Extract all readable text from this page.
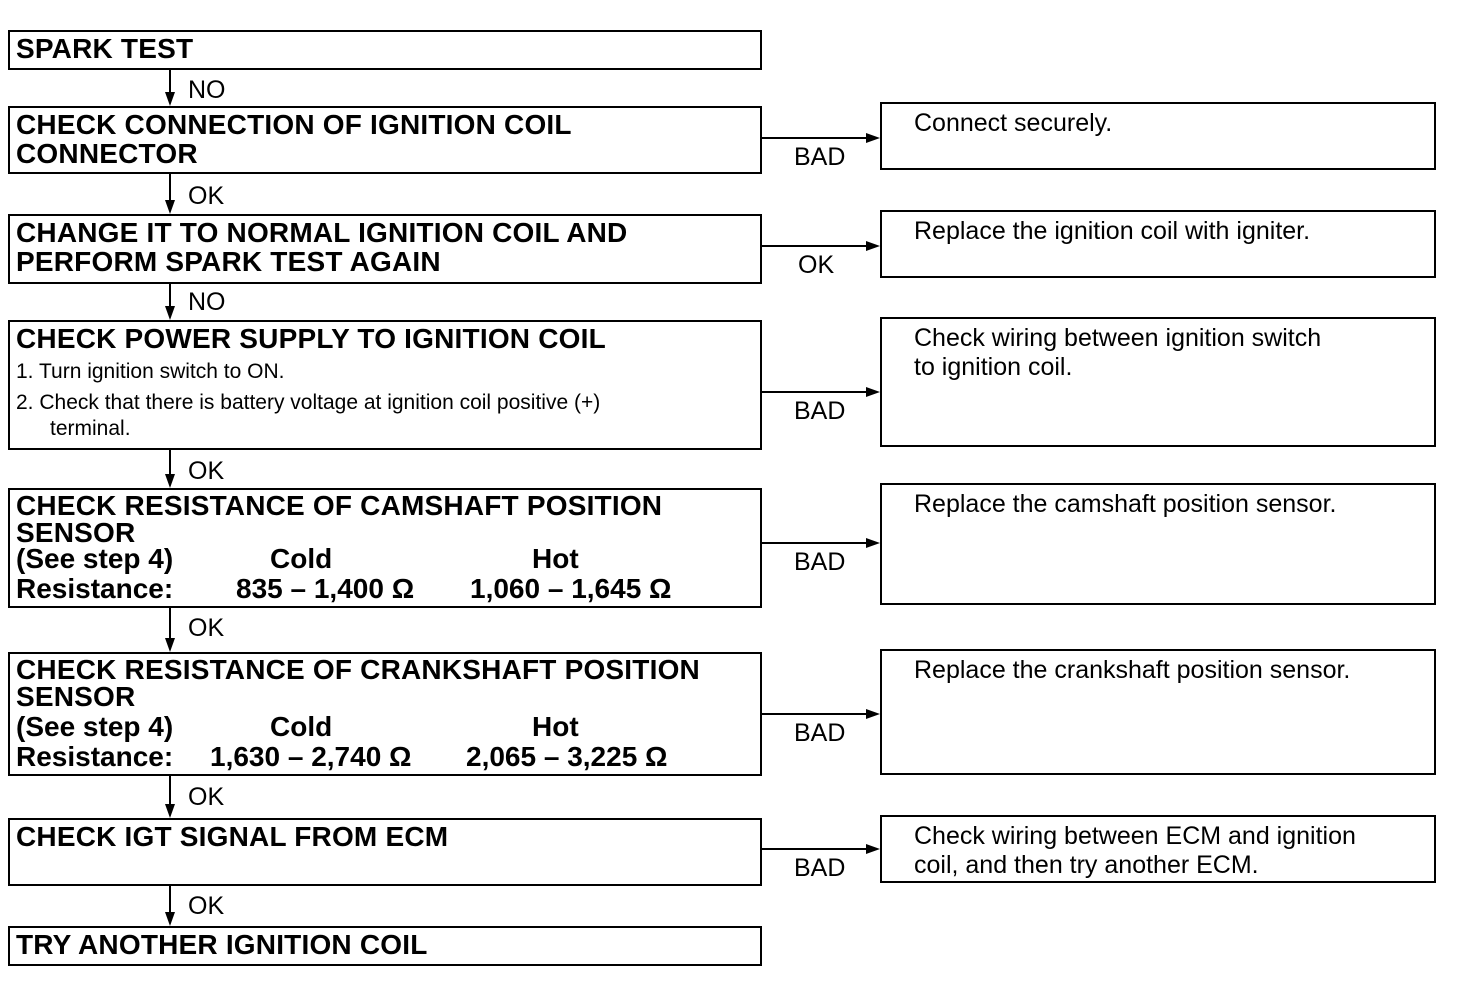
SPARK TEST
CHECK CONNECTION OF IGNITION COIL
CONNECTOR
CHANGE IT TO NORMAL IGNITION COIL AND
PERFORM SPARK TEST AGAIN
CHECK POWER SUPPLY TO IGNITION COIL
1. Turn ignition switch to ON.
2. Check that there is battery voltage at ignition coil positive (+)
terminal.
CHECK RESISTANCE OF CAMSHAFT POSITION
SENSOR
(See step 4)	Cold	Hot
Resistance: 835 – 1,400 Ω 1,060 – 1,645 Ω
CHECK RESISTANCE OF CRANKSHAFT POSITION
SENSOR
(See step 4)	Cold	Hot
Resistance: 1,630 – 2,740 Ω 2,065 – 3,225 Ω
CHECK IGT SIGNAL FROM ECM
TRY ANOTHER IGNITION COIL
NO
OK
NO
OK
OK
OK
OK
BAD
Connect securely.
OK
Replace the ignition coil with igniter.
BAD
Check wiring between ignition switch
to ignition coil.
BAD
Replace the camshaft position sensor.
BAD
Replace the crankshaft position sensor.
BAD
Check wiring between ECM and ignition
coil, and then try another ECM.
